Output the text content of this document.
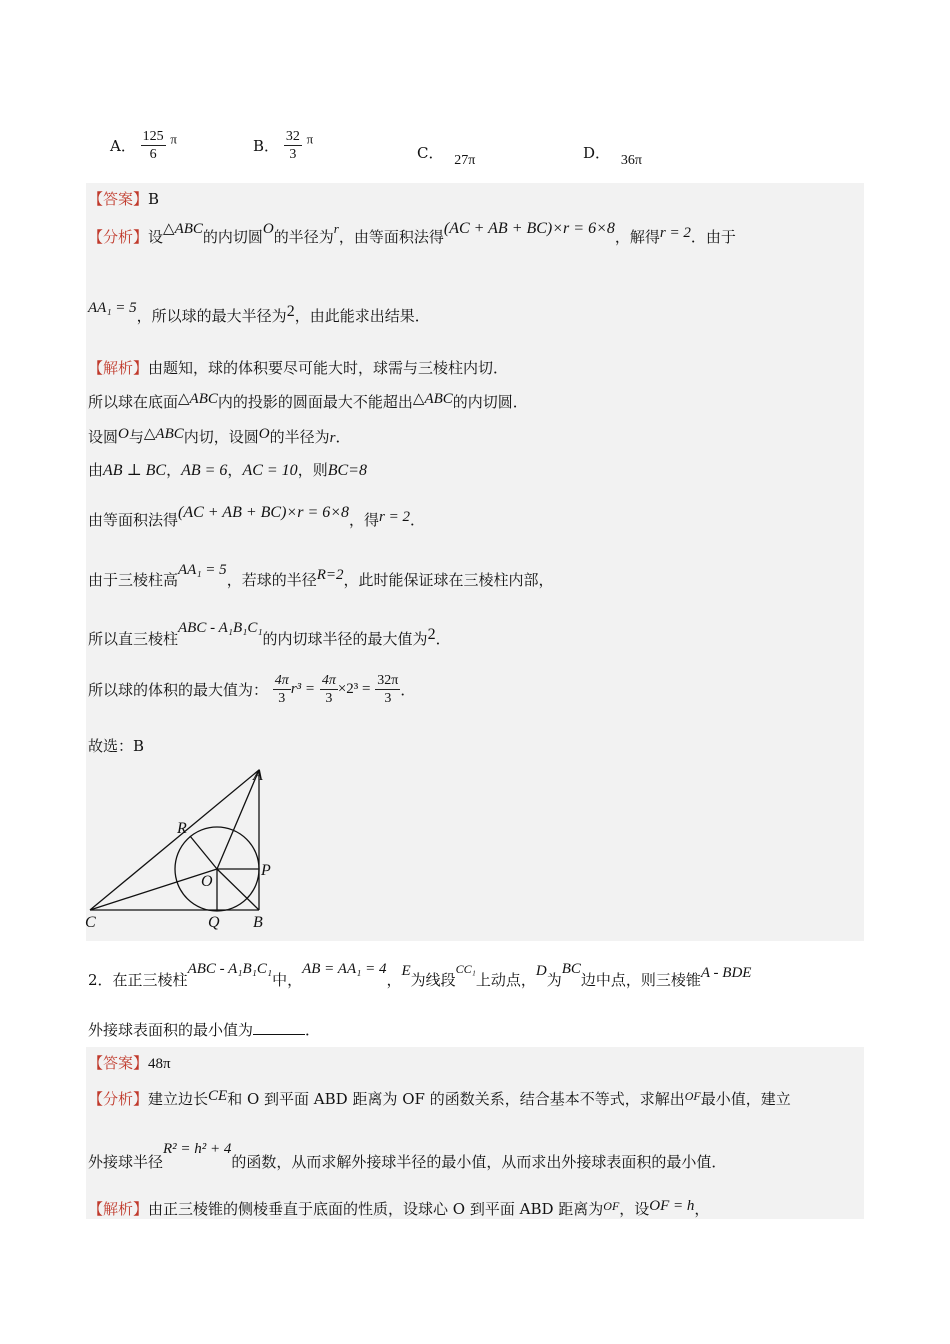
A． $\frac{125}{6}$ π	B． $\frac{32}{3}$ π
C． 27π	D． 36π
【答案】B
【分析】设△ABC的内切圆O的半径为r，由等面积法得(AC + AB + BC)×r = 6×8，解得r = 2．由于
AA₁ = 5，所以球的最大半径为2，由此能求出结果．
【解析】由题知，球的体积要尽可能大时，球需与三棱柱内切．
所以球在底面△ABC内的投影的圆面最大不能超出△ABC的内切圆．
设圆O与△ABC内切，设圆O的半径为r．
由AB ⊥ BC，AB = 6，AC = 10，则BC=8
由等面积法得(AC + AB + BC)×r = 6×8，得r = 2．
由于三棱柱高AA₁ = 5，若球的半径R=2，此时能保证球在三棱柱内部，
所以直三棱柱ABC - A₁B₁C₁的内切球半径的最大值为2．
所以球的体积的最大值为： $\frac{4\pi}{3} r^3 = \frac{4\pi}{3} \times 2^3 = \frac{32\pi}{3}$ ．
故选：B
A
B
C
O
P
Q
R
2．在正三棱柱ABC - A₁B₁C₁中，AB = AA₁ = 4，E为线段$^{CC_1}$上动点，D为BC边中点，则三棱锥A - BDE
外接球表面积的最小值为	．
【答案】48π
【分析】建立边长CE和 O 到平面 ABD 距离为 OF 的函数关系，结合基本不等式，求解出$^{OF}$最小值，建立
外接球半径R² = h² + 4的函数，从而求解外接球半径的最小值，从而求出外接球表面积的最小值．
【解析】由正三棱锥的侧棱垂直于底面的性质，设球心 O 到平面 ABD 距离为$^{OF}$，设OF = h，
